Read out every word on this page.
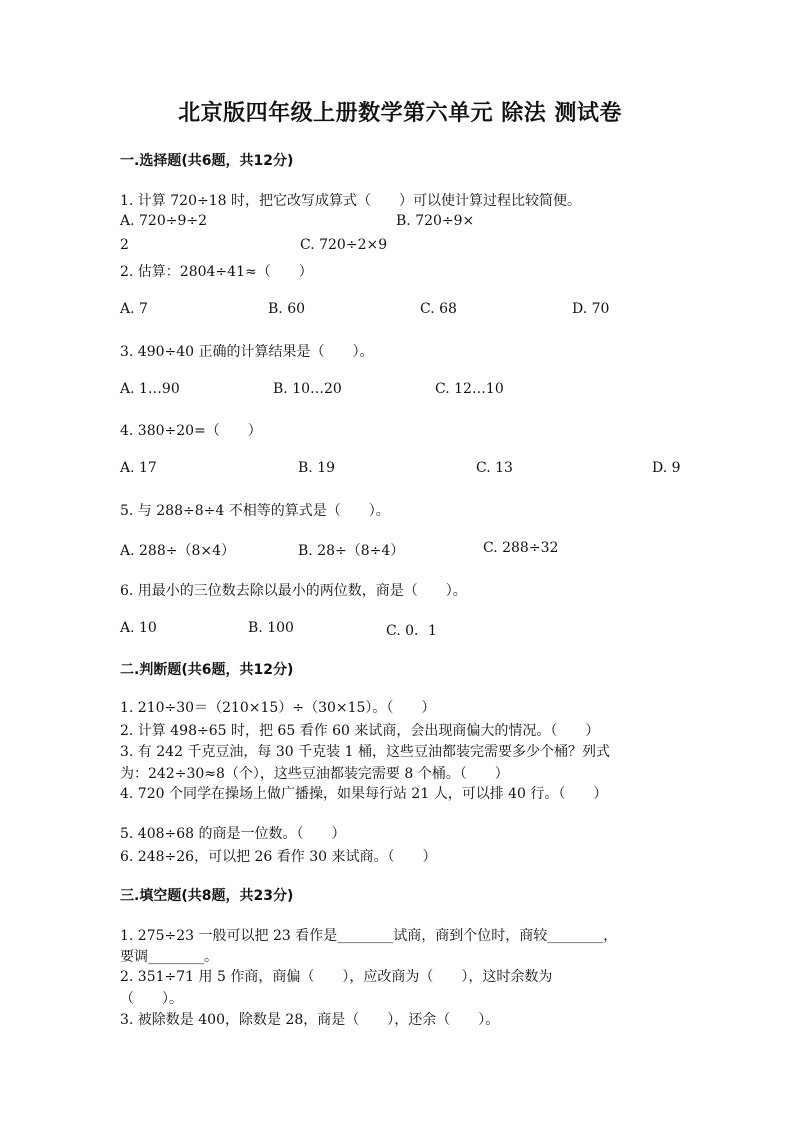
北京版四年级上册数学第六单元 除法 测试卷
一.选择题(共6题，共12分)
1. 计算 720÷18 时，把它改写成算式（　　）可以使计算过程比较简便。
A. 720÷9÷2	B. 720÷9×
2	C. 720÷2×9
2. 估算：2804÷41≈（　　）
A. 7	B. 60	C. 68	D. 70
3. 490÷40 正确的计算结果是（　　）。
A. 1…90	B. 10…20	C. 12…10
4. 380÷20=（　　）
A. 17	B. 19	C. 13	D. 9
5. 与 288÷8÷4 不相等的算式是（　　）。
A. 288÷（8×4）	B. 28÷（8÷4）	C. 288÷32
6. 用最小的三位数去除以最小的两位数，商是（　　）。
A. 10	B. 100	C. 0．1
二.判断题(共6题，共12分)
1. 210÷30＝（210×15）÷（30×15）。（　　）
2. 计算 498÷65 时，把 65 看作 60 来试商，会出现商偏大的情况。（　　）
3. 有 242 千克豆油，每 30 千克装 1 桶，这些豆油都装完需要多少个桶？列式
为：242÷30≈8（个），这些豆油都装完需要 8 个桶。（　　）
4. 720 个同学在操场上做广播操，如果每行站 21 人，可以排 40 行。（　　）
5. 408÷68 的商是一位数。（　　）
6. 248÷26，可以把 26 看作 30 来试商。（　　）
三.填空题(共8题，共23分)
1. 275÷23 一般可以把 23 看作是________试商，商到个位时，商较________，
要调________。
2. 351÷71 用 5 作商，商偏（　　），应改商为（　　），这时余数为
（　　）。
3. 被除数是 400，除数是 28，商是（　　），还余（　　）。
